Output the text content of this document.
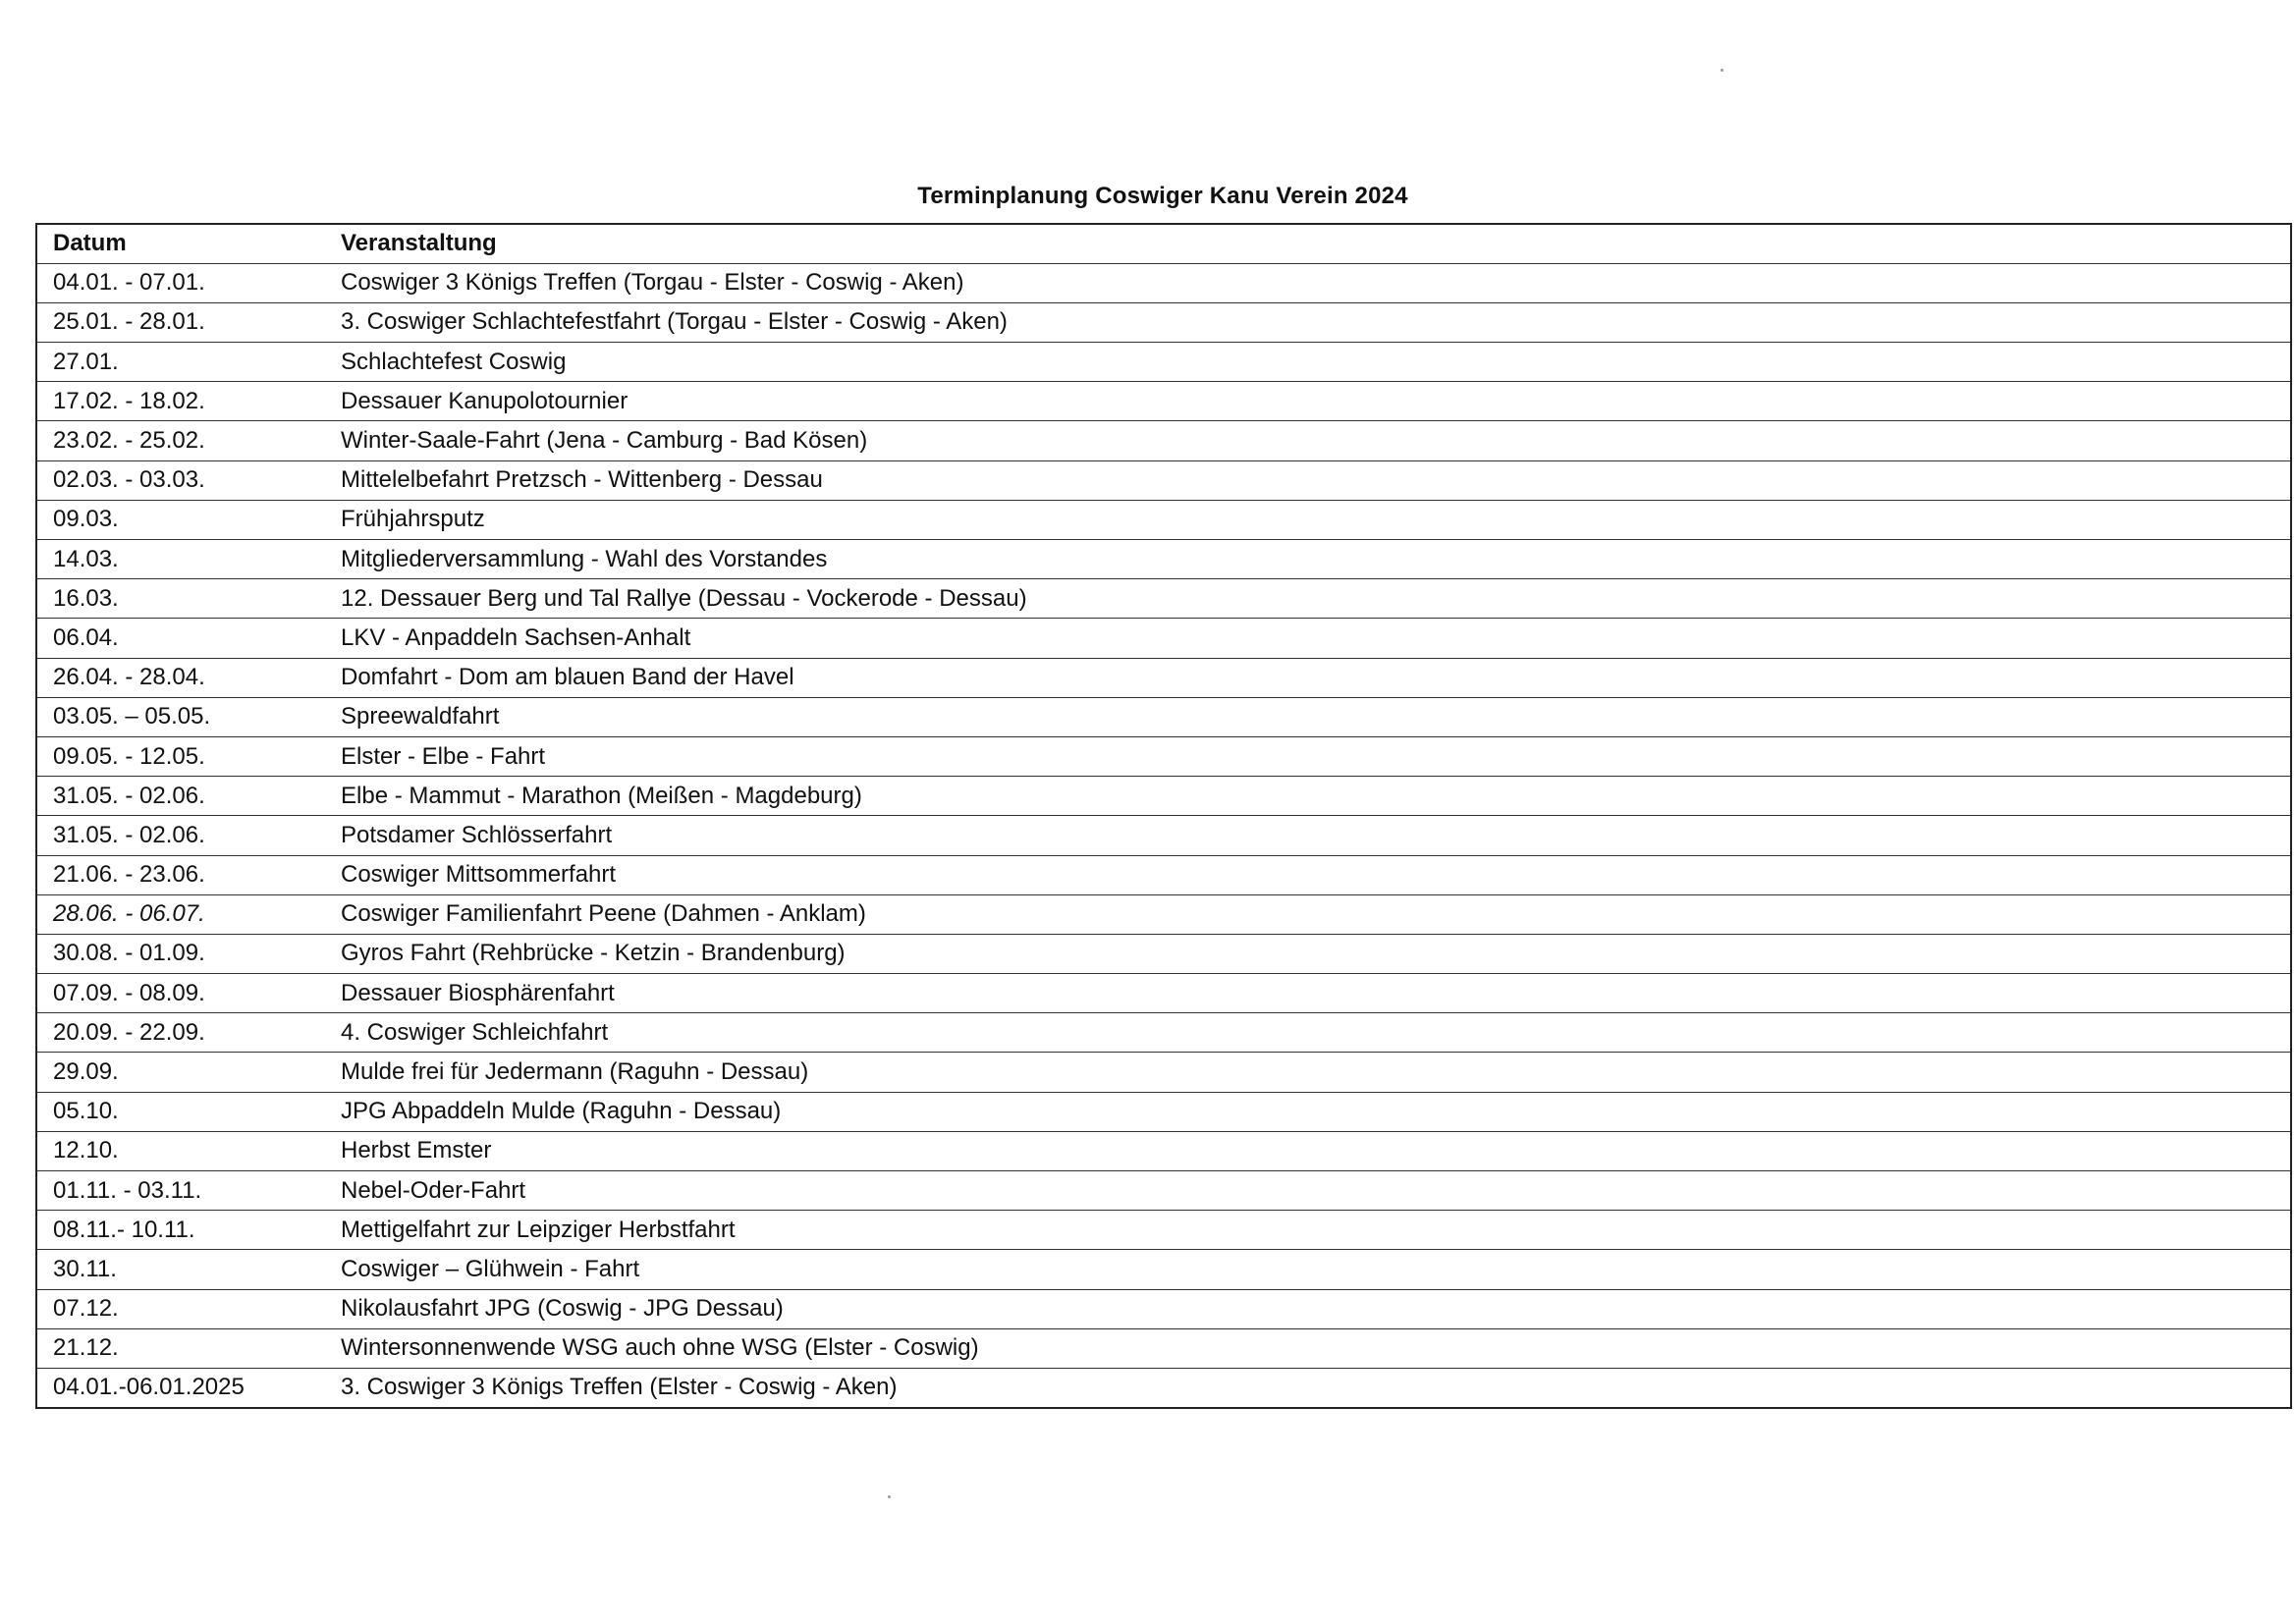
Terminplanung Coswiger Kanu Verein 2024
Datum	Veranstaltung
04.01. - 07.01.	Coswiger 3 Königs Treffen (Torgau - Elster - Coswig - Aken)
25.01. - 28.01.	3. Coswiger Schlachtefestfahrt (Torgau - Elster - Coswig - Aken)
27.01.	Schlachtefest Coswig
17.02. - 18.02.	Dessauer Kanupolotournier
23.02. - 25.02.	Winter-Saale-Fahrt (Jena - Camburg - Bad Kösen)
02.03. - 03.03.	Mittelelbefahrt Pretzsch - Wittenberg - Dessau
09.03.	Frühjahrsputz
14.03.	Mitgliederversammlung - Wahl des Vorstandes
16.03.	12. Dessauer Berg und Tal Rallye (Dessau - Vockerode - Dessau)
06.04.	LKV - Anpaddeln Sachsen-Anhalt
26.04. - 28.04.	Domfahrt - Dom am blauen Band der Havel
03.05. – 05.05.	Spreewaldfahrt
09.05. - 12.05.	Elster - Elbe - Fahrt
31.05. - 02.06.	Elbe - Mammut - Marathon (Meißen - Magdeburg)
31.05. - 02.06.	Potsdamer Schlösserfahrt
21.06. - 23.06.	Coswiger Mittsommerfahrt
28.06. - 06.07.	Coswiger Familienfahrt Peene (Dahmen - Anklam)
30.08. - 01.09.	Gyros Fahrt (Rehbrücke - Ketzin - Brandenburg)
07.09. - 08.09.	Dessauer Biosphärenfahrt
20.09. - 22.09.	4. Coswiger Schleichfahrt
29.09.	Mulde frei für Jedermann (Raguhn - Dessau)
05.10.	JPG Abpaddeln Mulde (Raguhn - Dessau)
12.10.	Herbst Emster
01.11. - 03.11.	Nebel-Oder-Fahrt
08.11.- 10.11.	Mettigelfahrt zur Leipziger Herbstfahrt
30.11.	Coswiger – Glühwein - Fahrt
07.12.	Nikolausfahrt JPG (Coswig - JPG Dessau)
21.12.	Wintersonnenwende WSG auch ohne WSG (Elster - Coswig)
04.01.-06.01.2025	3. Coswiger 3 Königs Treffen (Elster - Coswig - Aken)
